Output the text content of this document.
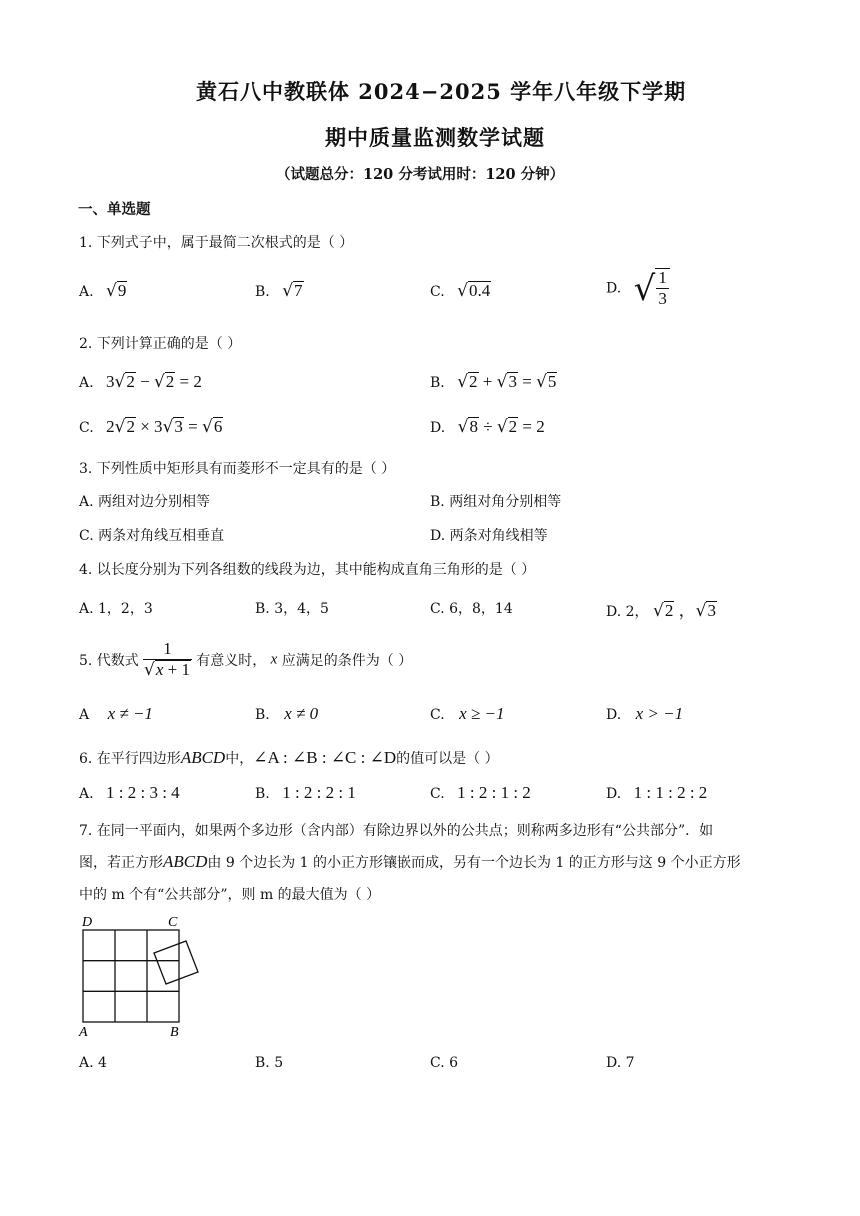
黄石八中教联体 2024−2025 学年八年级下学期
期中质量监测数学试题
（试题总分：120 分考试用时：120 分钟）
一、单选题
1. 下列式子中，属于最简二次根式的是（ ）
A. √9	B. √7	C. √0.4	D. √ $\frac{1}{3}$
2. 下列计算正确的是（ ）
A. 3√2 − √2 = 2	B. √2 + √3 = √5
C. 2√2 × 3√3 = √6	D. √8 ÷ √2 = 2
3. 下列性质中矩形具有而菱形不一定具有的是（ ）
A. 两组对边分别相等	B. 两组对角分别相等
C. 两条对角线互相垂直	D. 两条对角线相等
4. 以长度分别为下列各组数的线段为边，其中能构成直角三角形的是（ ）
A. 1，2，3	B. 3，4，5	C. 6，8，14	D. 2， √2 ，√3
5. 代数式 $\frac{1}{√x + 1}$ 有意义时， x 应满足的条件为（ ）
A x ≠ −1	B. x ≠ 0	C. x ≥ −1	D. x > −1
6. 在平行四边形ABCD中，∠A : ∠B : ∠C : ∠D的值可以是（ ）
A. 1 : 2 : 3 : 4	B. 1 : 2 : 2 : 1	C. 1 : 2 : 1 : 2	D. 1 : 1 : 2 : 2
7. 在同一平面内，如果两个多边形（含内部）有除边界以外的公共点；则称两多边形有“公共部分”．如
图，若正方形ABCD由 9 个边长为 1 的小正方形镶嵌而成，另有一个边长为 1 的正方形与这 9 个小正方形
中的 m 个有“公共部分”，则 m 的最大值为（ ）
D	C
A	B
A. 4	B. 5	C. 6	D. 7
